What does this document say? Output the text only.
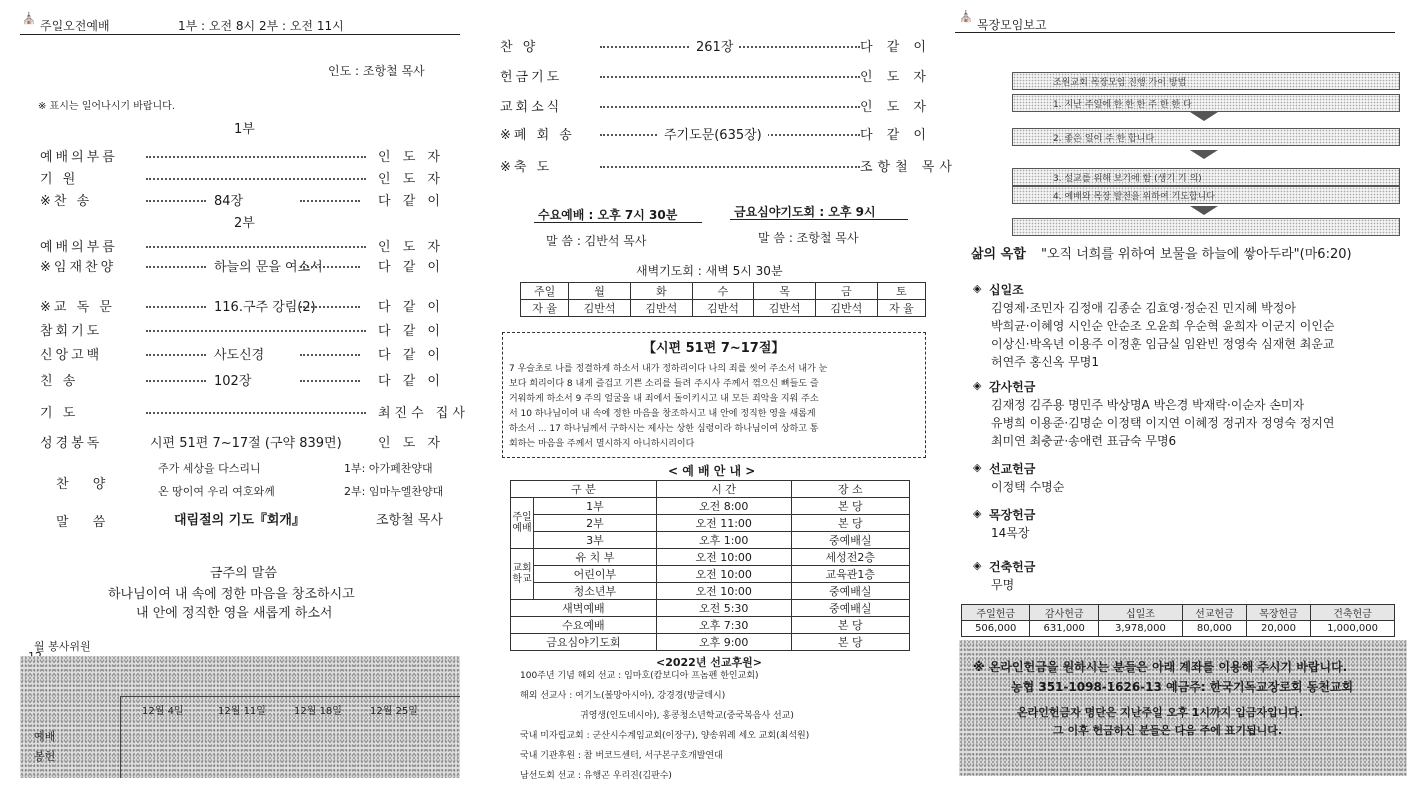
⛪
주일오전예배	1부 : 오전 8시 2부 : 오전 11시
인도 : 조항철 목사
※ 표시는 일어나시기 바랍니다.
1부
2부
예배의부름	인 도 자
기 원	인 도 자
※찬 송	84장	다 같 이
예배의부름	인 도 자
※임재찬양	하늘의 문을 여소서	다 같 이
※교 독 문	116.구주 강림(2)	다 같 이
참회기도	다 같 이
신앙고백	사도신경	다 같 이
친 송	102장	다 같 이
기 도	최진수 집사
성경봉독	시편 51편 7~17절 (구약 839면)	인 도 자
찬 양
주가 세상을 다스리니	1부: 아가페찬양대
온 땅이여 우리 여호와께	2부: 임마누엘찬양대
말 씀	대림절의 기도『회개』	조항철 목사
금주의 말씀
하나님이여 내 속에 정한 마음을 창조하시고
내 안에 정직한 영을 새롭게 하소서
월 봉사위원
12월 4일	12월 11일	12월 18일	12월 25일
예배
봉헌
찬 양	261장	다 같 이
헌금기도	인 도 자
교회소식	인 도 자
※폐 회 송	주기도문(635장)	다 같 이
※축 도	조항철 목사
수요예배 : 오후 7시 30분
말 씀 : 김반석 목사
금요심야기도회 : 오후 9시
말 씀 : 조항철 목사
새벽기도회 : 새벽 5시 30분
주일	월	화	수	목	금	토
자 율	김반석	김반석	김반석	김반석	김반석	자 율
【시편 51편 7~17절】
7 우슬초로 나를 정결하게 하소서 내가 정하리이다 나의 죄를 씻어 주소서 내가 눈
보다 희리이다 8 내게 즐겁고 기쁜 소리를 들려 주시사 주께서 꺾으신 뼈들도 즐
거워하게 하소서 9 주의 얼굴을 내 죄에서 돌이키시고 내 모든 죄악을 지워 주소
서 10 하나님이여 내 속에 정한 마음을 창조하시고 내 안에 정직한 영을 새롭게
하소서 ... 17 하나님께서 구하시는 제사는 상한 심령이라 하나님이여 상하고 통
회하는 마음을 주께서 멸시하지 아니하시리이다
< 예 배 안 내 >
구 분		시 간	장 소
주일예배	1부	오전 8:00	본 당
	2부	오전 11:00	본 당
	3부	오후 1:00	중예배실
교회학교	유 치 부	오전 10:00	세성전2층
	어린이부	오전 10:00	교육관1층
	청소년부	오전 10:00	중예배실
새벽예배		오전 5:30	중예배실
수요예배		오후 7:30	본 당
금요심야기도회		오후 9:00	본 당
<2022년 선교후원>
100주년 기념 해외 선교 : 임마호(캄보디아 프놈펜 한인교회)
해외 선교사 : 여기노(볼망아시아), 강경경(방글데시)
귀영생(인도네시아), 홍콩청소년학교(중국복음사 선교)
국내 미자립교회 : 군산시수계임교회(이장구), 양송위례 세오 교회(최석원)
국내 기관후원 : 참 버코드센터, 서구본구호개발연대
남선도회 선교 : 유행곤 우리진(김판수)
⛪
목장모임보고
조원교회 목장모임 진행 가이 방법
1. 지난 주일에 한 한 한 주 한 한 다
2. 좋은 일이 주 한 합니다
3. 설교를 위해 보기에 함 (생기 기 의)
4. 예배와 목장 발전을 위하여 기도합니다
삶의 옥합 "오직 너희를 위하여 보물을 하늘에 쌓아두라"(마6:20)
◈ 십일조
김영제·조민자 김정애 김종순 김효영·정순진 민지혜 박정아
박희균·이혜영 시인순 안순조 오윤희 우순혁 윤희자 이군지 이인순
이상신·박옥년 이용주 이정훈 임금실 임완빈 정영숙 심재현 최운교
허연주 홍신옥 무명1
◈ 감사헌금
김재정 김주용 명민주 박상명A 박은경 박재락·이순자 손미자
유병희 이용준·김명순 이정택 이지연 이혜정 정귀자 정영숙 정지연
최미연 최충균·송애련 표금숙 무명6
◈ 선교헌금
이정택 수명순
◈ 목장헌금
14목장
◈ 건축헌금
무명
주일헌금	감사헌금	십일조	선교헌금	목장헌금	건축헌금
506,000	631,000	3,978,000	80,000	20,000	1,000,000
※ 온라인헌금을 원하시는 분들은 아래 계좌를 이용해 주시기 바랍니다.
농협 351-1098-1626-13 예금주: 한국기독교장로회 동천교회
온라인헌금자 명단은 지난주일 오후 1시까지 입금자입니다.
그 이후 헌금하신 분들은 다음 주에 표기됩니다.
